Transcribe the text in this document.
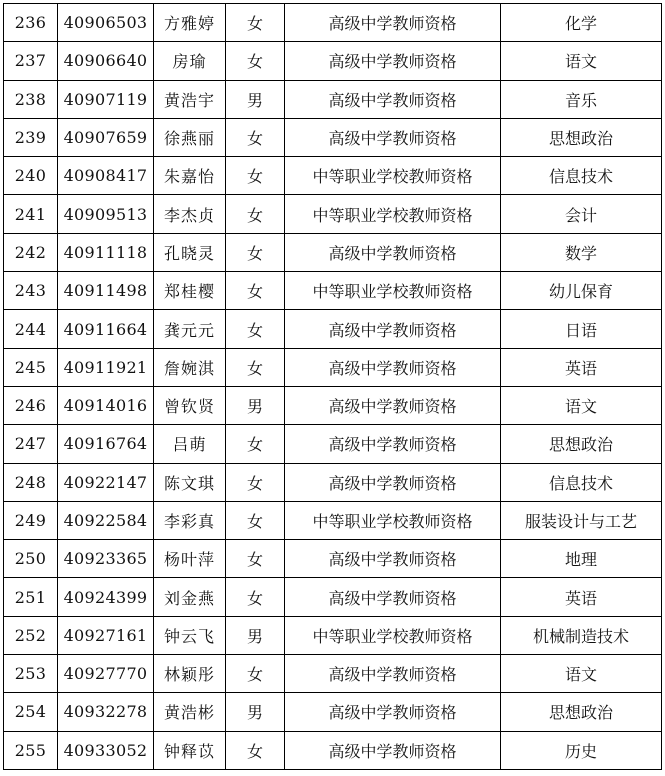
236	40906503	方雅婷	女	高级中学教师资格	化学
237	40906640	房瑜	女	高级中学教师资格	语文
238	40907119	黄浩宇	男	高级中学教师资格	音乐
239	40907659	徐燕丽	女	高级中学教师资格	思想政治
240	40908417	朱嘉怡	女	中等职业学校教师资格	信息技术
241	40909513	李杰贞	女	中等职业学校教师资格	会计
242	40911118	孔晓灵	女	高级中学教师资格	数学
243	40911498	郑桂樱	女	中等职业学校教师资格	幼儿保育
244	40911664	龚元元	女	高级中学教师资格	日语
245	40911921	詹婉淇	女	高级中学教师资格	英语
246	40914016	曾钦贤	男	高级中学教师资格	语文
247	40916764	吕萌	女	高级中学教师资格	思想政治
248	40922147	陈文琪	女	高级中学教师资格	信息技术
249	40922584	李彩真	女	中等职业学校教师资格	服装设计与工艺
250	40923365	杨叶萍	女	高级中学教师资格	地理
251	40924399	刘金燕	女	高级中学教师资格	英语
252	40927161	钟云飞	男	中等职业学校教师资格	机械制造技术
253	40927770	林颖彤	女	高级中学教师资格	语文
254	40932278	黄浩彬	男	高级中学教师资格	思想政治
255	40933052	钟释苡	女	高级中学教师资格	历史
